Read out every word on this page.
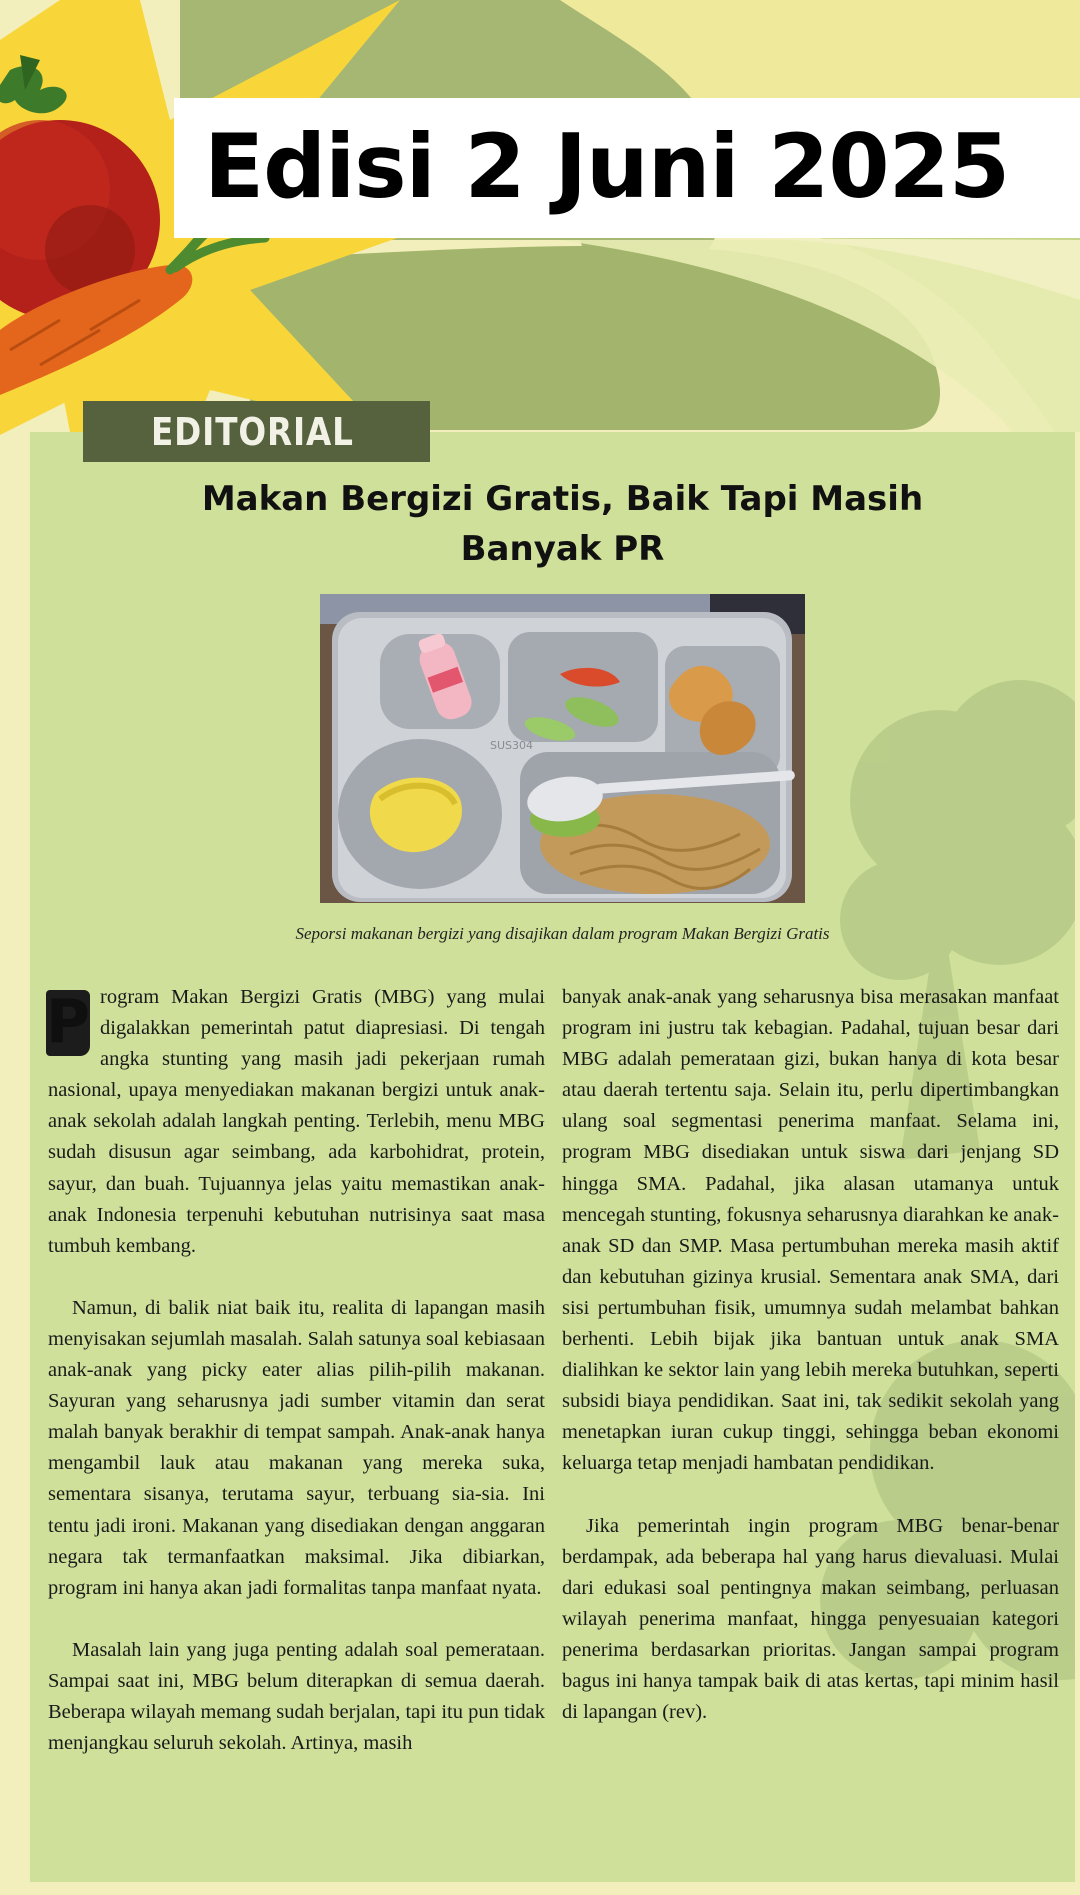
Edisi 2 Juni 2025
EDITORIAL
Makan Bergizi Gratis, Baik Tapi Masih Banyak PR
SUS304
Seporsi makanan bergizi yang disajikan dalam program Makan Bergizi Gratis

P rogram Makan Bergizi Gratis (MBG) yang mulai digalakkan pemerintah patut diapresiasi. Di tengah angka stunting yang masih jadi pekerjaan rumah nasional, upaya menyediakan makanan bergizi untuk anak-anak sekolah adalah langkah penting. Terlebih, menu MBG sudah disusun agar seimbang, ada karbohidrat, protein, sayur, dan buah. Tujuannya jelas yaitu memastikan anak-anak Indonesia terpenuhi kebutuhan nutrisinya saat masa tumbuh kembang.

Namun, di balik niat baik itu, realita di lapangan masih menyisakan sejumlah masalah. Salah satunya soal kebiasaan anak-anak yang picky eater alias pilih-pilih makanan. Sayuran yang seharusnya jadi sumber vitamin dan serat malah banyak berakhir di tempat sampah. Anak-anak hanya mengambil lauk atau makanan yang mereka suka, sementara sisanya, terutama sayur, terbuang sia-sia. Ini tentu jadi ironi. Makanan yang disediakan dengan anggaran negara tak termanfaatkan maksimal. Jika dibiarkan, program ini hanya akan jadi formalitas tanpa manfaat nyata.

Masalah lain yang juga penting adalah soal pemerataan. Sampai saat ini, MBG belum diterapkan di semua daerah. Beberapa wilayah memang sudah berjalan, tapi itu pun tidak menjangkau seluruh sekolah. Artinya, masih

banyak anak-anak yang seharusnya bisa merasakan manfaat program ini justru tak kebagian. Padahal, tujuan besar dari MBG adalah pemerataan gizi, bukan hanya di kota besar atau daerah tertentu saja. Selain itu, perlu dipertimbangkan ulang soal segmentasi penerima manfaat. Selama ini, program MBG disediakan untuk siswa dari jenjang SD hingga SMA. Padahal, jika alasan utamanya untuk mencegah stunting, fokusnya seharusnya diarahkan ke anak-anak SD dan SMP. Masa pertumbuhan mereka masih aktif dan kebutuhan gizinya krusial. Sementara anak SMA, dari sisi pertumbuhan fisik, umumnya sudah melambat bahkan berhenti. Lebih bijak jika bantuan untuk anak SMA dialihkan ke sektor lain yang lebih mereka butuhkan, seperti subsidi biaya pendidikan. Saat ini, tak sedikit sekolah yang menetapkan iuran cukup tinggi, sehingga beban ekonomi keluarga tetap menjadi hambatan pendidikan.

Jika pemerintah ingin program MBG benar-benar berdampak, ada beberapa hal yang harus dievaluasi. Mulai dari edukasi soal pentingnya makan seimbang, perluasan wilayah penerima manfaat, hingga penyesuaian kategori penerima berdasarkan prioritas. Jangan sampai program bagus ini hanya tampak baik di atas kertas, tapi minim hasil di lapangan (rev).
